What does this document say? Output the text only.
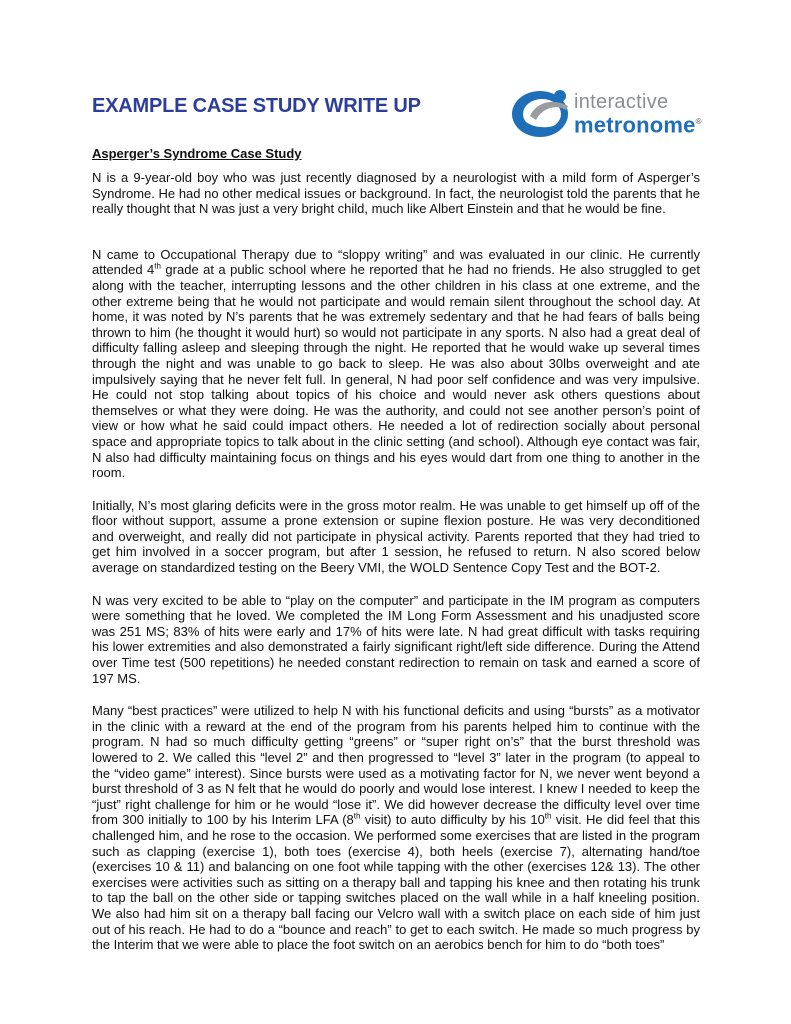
EXAMPLE CASE STUDY WRITE UP	interactive
metronome®
Asperger’s Syndrome Case Study

N is a 9-year-old boy who was just recently diagnosed by a neurologist with a mild form of Asperger’s Syndrome. He had no other medical issues or background. In fact, the neurologist told the parents that he really thought that N was just a very bright child, much like Albert Einstein and that he would be fine.

N came to Occupational Therapy due to “sloppy writing” and was evaluated in our clinic. He currently attended 4th grade at a public school where he reported that he had no friends. He also struggled to get along with the teacher, interrupting lessons and the other children in his class at one extreme, and the other extreme being that he would not participate and would remain silent throughout the school day. At home, it was noted by N’s parents that he was extremely sedentary and that he had fears of balls being thrown to him (he thought it would hurt) so would not participate in any sports. N also had a great deal of difficulty falling asleep and sleeping through the night. He reported that he would wake up several times through the night and was unable to go back to sleep. He was also about 30lbs overweight and ate impulsively saying that he never felt full. In general, N had poor self confidence and was very impulsive. He could not stop talking about topics of his choice and would never ask others questions about themselves or what they were doing. He was the authority, and could not see another person’s point of view or how what he said could impact others. He needed a lot of redirection socially about personal space and appropriate topics to talk about in the clinic setting (and school). Although eye contact was fair, N also had difficulty maintaining focus on things and his eyes would dart from one thing to another in the room.

Initially, N’s most glaring deficits were in the gross motor realm. He was unable to get himself up off of the floor without support, assume a prone extension or supine flexion posture. He was very deconditioned and overweight, and really did not participate in physical activity. Parents reported that they had tried to get him involved in a soccer program, but after 1 session, he refused to return. N also scored below average on standardized testing on the Beery VMI, the WOLD Sentence Copy Test and the BOT-2.

N was very excited to be able to “play on the computer” and participate in the IM program as computers were something that he loved. We completed the IM Long Form Assessment and his unadjusted score was 251 MS; 83% of hits were early and 17% of hits were late. N had great difficult with tasks requiring his lower extremities and also demonstrated a fairly significant right/left side difference. During the Attend over Time test (500 repetitions) he needed constant redirection to remain on task and earned a score of 197 MS.

Many “best practices” were utilized to help N with his functional deficits and using “bursts” as a motivator in the clinic with a reward at the end of the program from his parents helped him to continue with the program. N had so much difficulty getting “greens” or “super right on’s” that the burst threshold was lowered to 2. We called this “level 2” and then progressed to “level 3” later in the program (to appeal to the “video game” interest). Since bursts were used as a motivating factor for N, we never went beyond a burst threshold of 3 as N felt that he would do poorly and would lose interest. I knew I needed to keep the “just” right challenge for him or he would “lose it”. We did however decrease the difficulty level over time from 300 initially to 100 by his Interim LFA (8th visit) to auto difficulty by his 10th visit. He did feel that this challenged him, and he rose to the occasion. We performed some exercises that are listed in the program such as clapping (exercise 1), both toes (exercise 4), both heels (exercise 7), alternating hand/toe (exercises 10 & 11) and balancing on one foot while tapping with the other (exercises 12& 13). The other exercises were activities such as sitting on a therapy ball and tapping his knee and then rotating his trunk to tap the ball on the other side or tapping switches placed on the wall while in a half kneeling position. We also had him sit on a therapy ball facing our Velcro wall with a switch place on each side of him just out of his reach. He had to do a “bounce and reach” to get to each switch. He made so much progress by the Interim that we were able to place the foot switch on an aerobics bench for him to do “both toes”
